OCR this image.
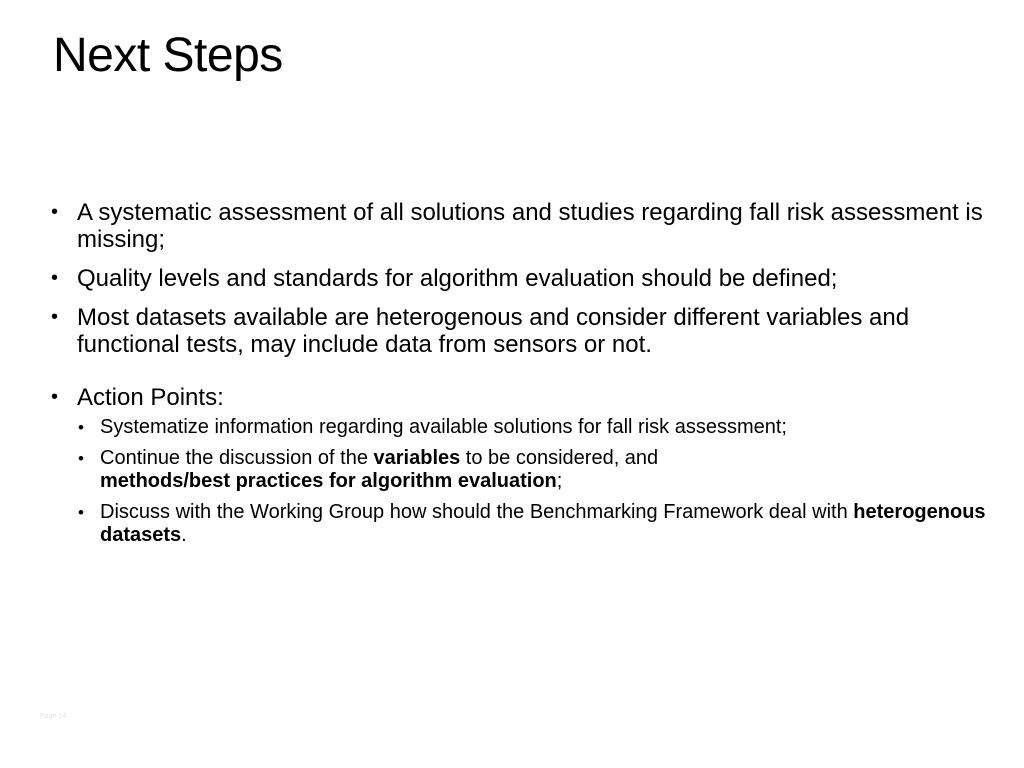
Next Steps
• A systematic assessment of all solutions and studies regarding fall risk assessment is missing;
• Quality levels and standards for algorithm evaluation should be defined;
• Most datasets available are heterogenous and consider different variables and functional tests, may include data from sensors or not.
• Action Points:
• Systematize information regarding available solutions for fall risk assessment;
• Continue the discussion of the variables to be considered, and
methods/best practices for algorithm evaluation;
• Discuss with the Working Group how should the Benchmarking Framework deal with heterogenous datasets.
Page 14
